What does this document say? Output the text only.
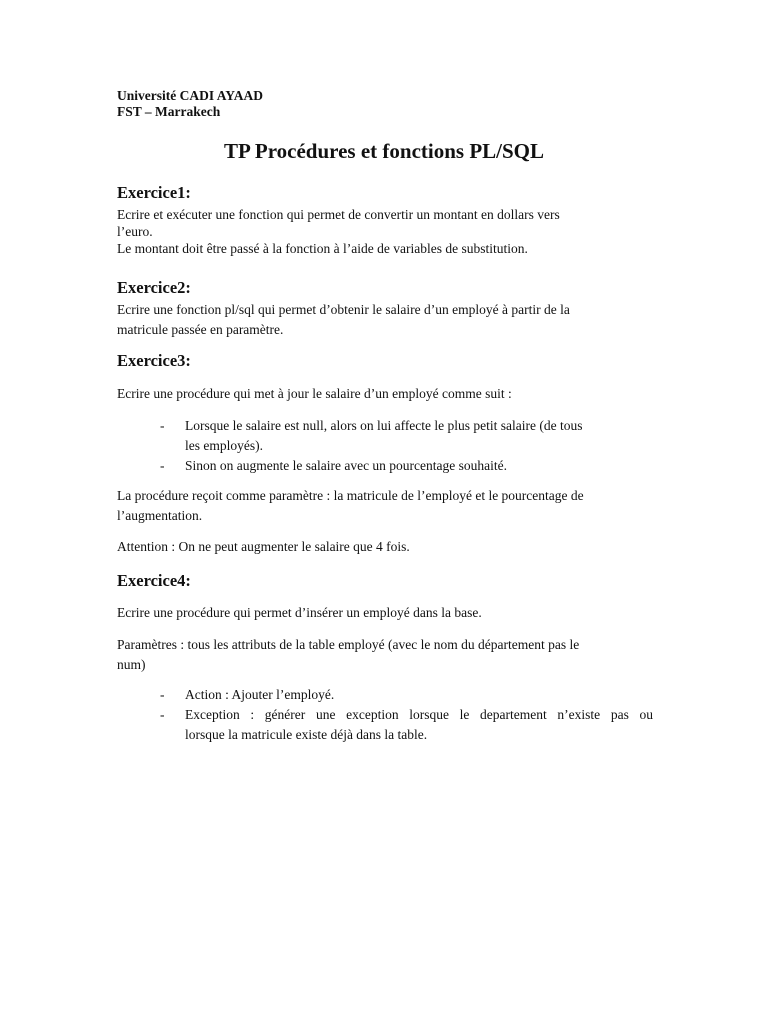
Université CADI AYAAD
FST – Marrakech
TP Procédures et fonctions PL/SQL
Exercice1:
Ecrire et exécuter une fonction qui permet de convertir un montant en dollars vers
l’euro.
Le montant doit être passé à la fonction à l’aide de variables de substitution.
Exercice2:
Ecrire une fonction pl/sql qui permet d’obtenir le salaire d’un employé à partir de la
matricule passée en paramètre.
Exercice3:
Ecrire une procédure qui met à jour le salaire d’un employé comme suit :
- Lorsque le salaire est null, alors on lui affecte le plus petit salaire (de tous
les employés).
- Sinon on augmente le salaire avec un pourcentage souhaité.
La procédure reçoit comme paramètre : la matricule de l’employé et le pourcentage de
l’augmentation.
Attention : On ne peut augmenter le salaire que 4 fois.
Exercice4:
Ecrire une procédure qui permet d’insérer un employé dans la base.
Paramètres : tous les attributs de la table employé (avec le nom du département pas le
num)
- Action : Ajouter l’employé.
- Exception : générer une exception lorsque le departement n’existe pas ou
lorsque la matricule existe déjà dans la table.
